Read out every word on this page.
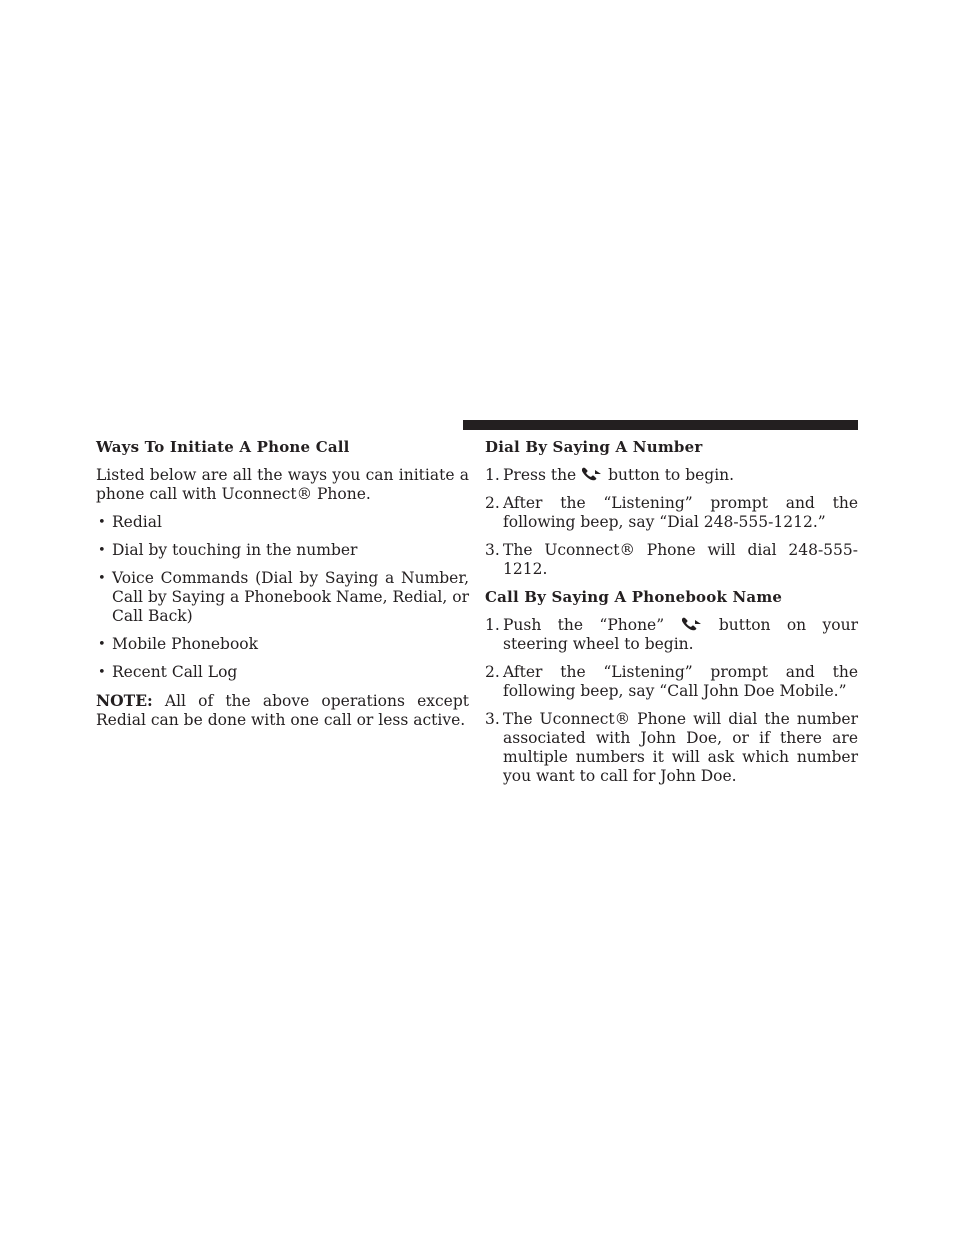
Ways To Initiate A Phone Call
Listed below are all the ways you can initiate a phone call with Uconnect® Phone.
• Redial
• Dial by touching in the number
• Voice Commands (Dial by Saying a Number, Call by Saying a Phonebook Name, Redial, or Call Back)
• Mobile Phonebook
• Recent Call Log
NOTE: All of the above operations except Redial can be done with one call or less active.
Dial By Saying A Number
1. Press the  button to begin.
2. After the “Listening” prompt and the following beep, say “Dial 248-555-1212.”
3. The Uconnect® Phone will dial 248-555-1212.
Call By Saying A Phonebook Name
1. Push the “Phone”  button on your steering wheel to begin.
2. After the “Listening” prompt and the following beep, say “Call John Doe Mobile.”
3. The Uconnect® Phone will dial the number associated with John Doe, or if there are multiple numbers it will ask which number you want to call for John Doe.
